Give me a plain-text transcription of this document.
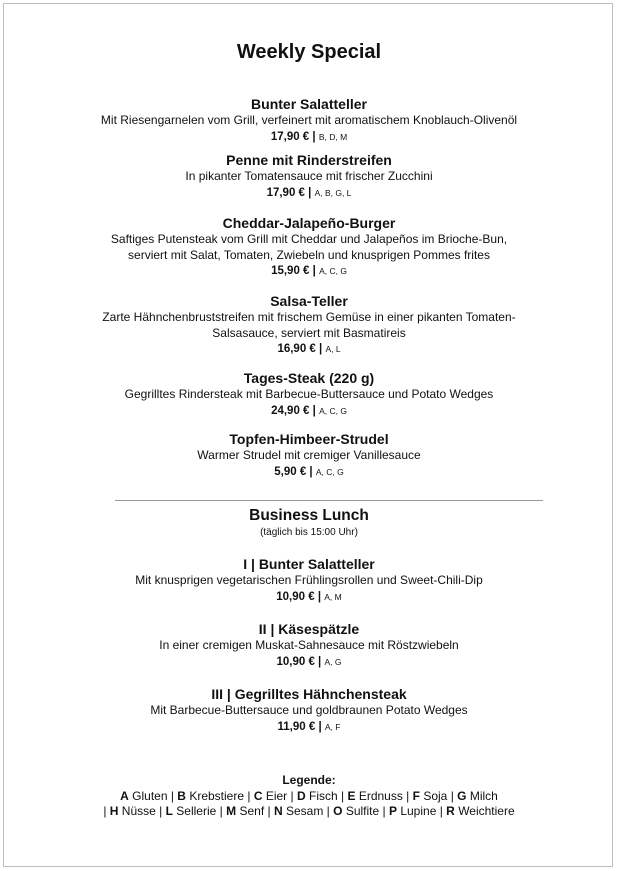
Weekly Special
Bunter Salatteller
Mit Riesengarnelen vom Grill, verfeinert mit aromatischem Knoblauch-Olivenöl
17,90 € | B, D, M
Penne mit Rinderstreifen
In pikanter Tomatensauce mit frischer Zucchini
17,90 € | A, B, G, L
Cheddar-Jalapeño-Burger
Saftiges Putensteak vom Grill mit Cheddar und Jalapeños im Brioche-Bun,
serviert mit Salat, Tomaten, Zwiebeln und knusprigen Pommes frites
15,90 € | A, C, G
Salsa-Teller
Zarte Hähnchenbruststreifen mit frischem Gemüse in einer pikanten Tomaten-
Salsasauce, serviert mit Basmatireis
16,90 € | A, L
Tages-Steak (220 g)
Gegrilltes Rindersteak mit Barbecue-Buttersauce und Potato Wedges
24,90 € | A, C, G
Topfen-Himbeer-Strudel
Warmer Strudel mit cremiger Vanillesauce
5,90 € | A, C, G
Business Lunch
(täglich bis 15:00 Uhr)
I | Bunter Salatteller
Mit knusprigen vegetarischen Frühlingsrollen und Sweet-Chili-Dip
10,90 € | A, M
II | Käsespätzle
In einer cremigen Muskat-Sahnesauce mit Röstzwiebeln
10,90 € | A, G
III | Gegrilltes Hähnchensteak
Mit Barbecue-Buttersauce und goldbraunen Potato Wedges
11,90 € | A, F
Legende:
A Gluten | B Krebstiere | C Eier | D Fisch | E Erdnuss | F Soja | G Milch
| H Nüsse | L Sellerie | M Senf | N Sesam | O Sulfite | P Lupine | R Weichtiere
